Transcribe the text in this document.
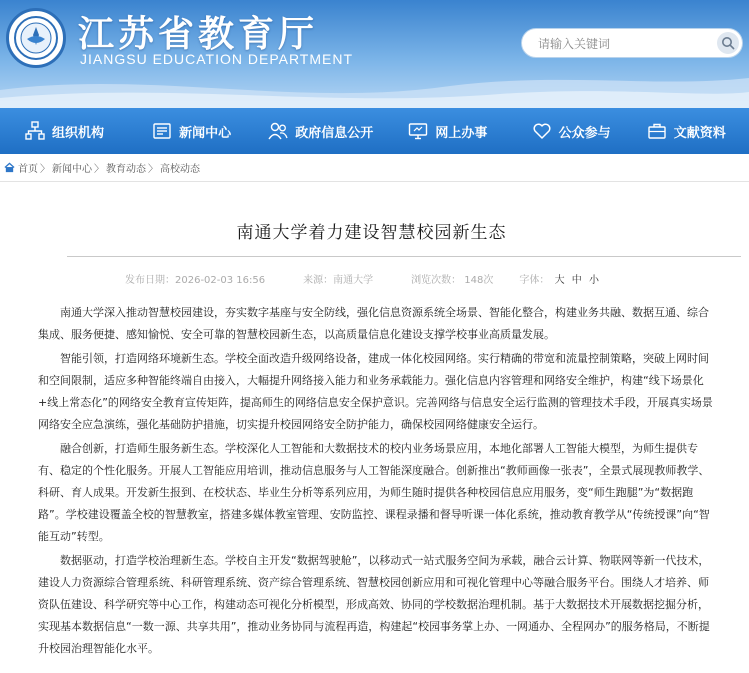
江苏省教育厅
JIANGSU EDUCATION DEPARTMENT
请输入关键词
组织机构	新闻中心	政府信息公开	网上办事	公众参与	文献资料
首页 〉 新闻中心 〉 教育动态 〉 高校动态
南通大学着力建设智慧校园新生态
发布日期：2026-02-03 16:56	来源：南通大学	浏览次数： 148次	字体： 大 中 小

南通大学深入推动智慧校园建设，夯实数字基座与安全防线，强化信息资源系统全场景、智能化整合，构建业务共融、数据互通、综合集成、服务便捷、感知愉悦、安全可靠的智慧校园新生态，以高质量信息化建设支撑学校事业高质量发展。

智能引领，打造网络环境新生态。学校全面改造升级网络设备，建成一体化校园网络。实行精确的带宽和流量控制策略，突破上网时间和空间限制，适应多种智能终端自由接入，大幅提升网络接入能力和业务承载能力。强化信息内容管理和网络安全维护，构建“线下场景化+线上常态化”的网络安全教育宣传矩阵，提高师生的网络信息安全保护意识。完善网络与信息安全运行监测的管理技术手段，开展真实场景网络安全应急演练，强化基础防护措施，切实提升校园网络安全防护能力，确保校园网络健康安全运行。

融合创新，打造师生服务新生态。学校深化人工智能和大数据技术的校内业务场景应用，本地化部署人工智能大模型，为师生提供专有、稳定的个性化服务。开展人工智能应用培训，推动信息服务与人工智能深度融合。创新推出“教师画像一张表”，全景式展现教师教学、科研、育人成果。开发新生报到、在校状态、毕业生分析等系列应用，为师生随时提供各种校园信息应用服务，变“师生跑腿”为“数据跑路”。学校建设覆盖全校的智慧教室，搭建多媒体教室管理、安防监控、课程录播和督导听课一体化系统，推动教育教学从“传统授课”向“智能互动”转型。

数据驱动，打造学校治理新生态。学校自主开发“数据驾驶舱”，以移动式一站式服务空间为承载，融合云计算、物联网等新一代技术，建设人力资源综合管理系统、科研管理系统、资产综合管理系统、智慧校园创新应用和可视化管理中心等融合服务平台。围绕人才培养、师资队伍建设、科学研究等中心工作，构建动态可视化分析模型，形成高效、协同的学校数据治理机制。基于大数据技术开展数据挖掘分析，实现基本数据信息“一数一源、共享共用”，推动业务协同与流程再造，构建起“校园事务掌上办、一网通办、全程网办”的服务格局，不断提升校园治理智能化水平。
